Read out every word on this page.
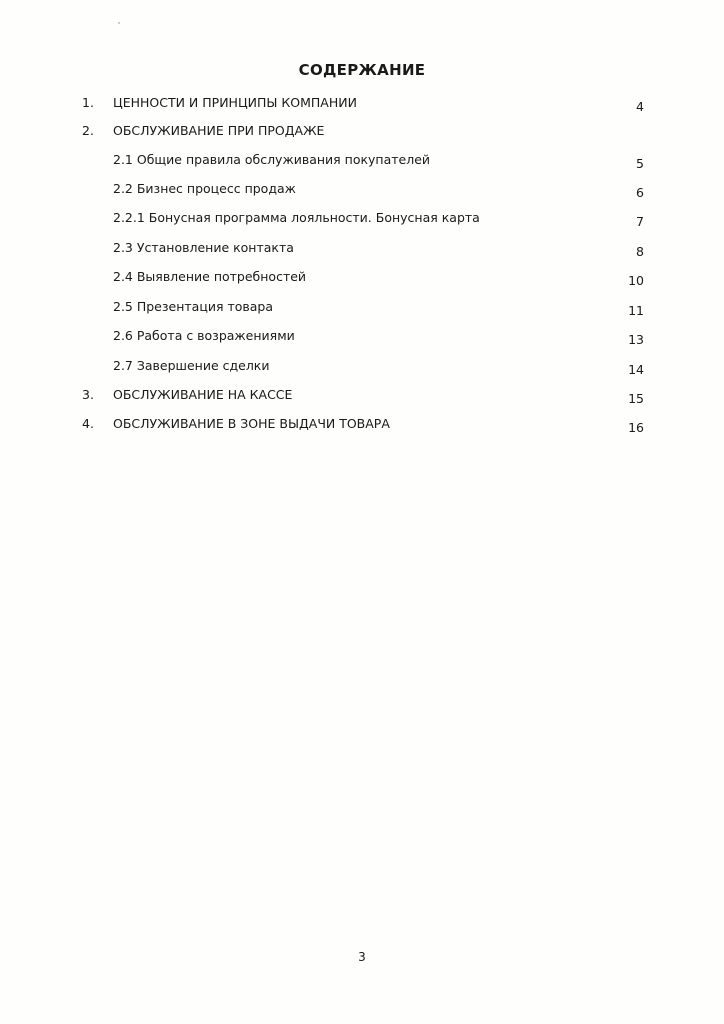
СОДЕРЖАНИЕ
1. ЦЕННОСТИ И ПРИНЦИПЫ КОМПАНИИ	4
2. ОБСЛУЖИВАНИЕ ПРИ ПРОДАЖЕ
2.1 Общие правила обслуживания покупателей	5
2.2 Бизнес процесс продаж	6
2.2.1 Бонусная программа лояльности. Бонусная карта	7
2.3 Установление контакта	8
2.4 Выявление потребностей	10
2.5 Презентация товара	11
2.6 Работа с возражениями	13
2.7 Завершение сделки	14
3. ОБСЛУЖИВАНИЕ НА КАССЕ	15
4. ОБСЛУЖИВАНИЕ В ЗОНЕ ВЫДАЧИ ТОВАРА	16
3
